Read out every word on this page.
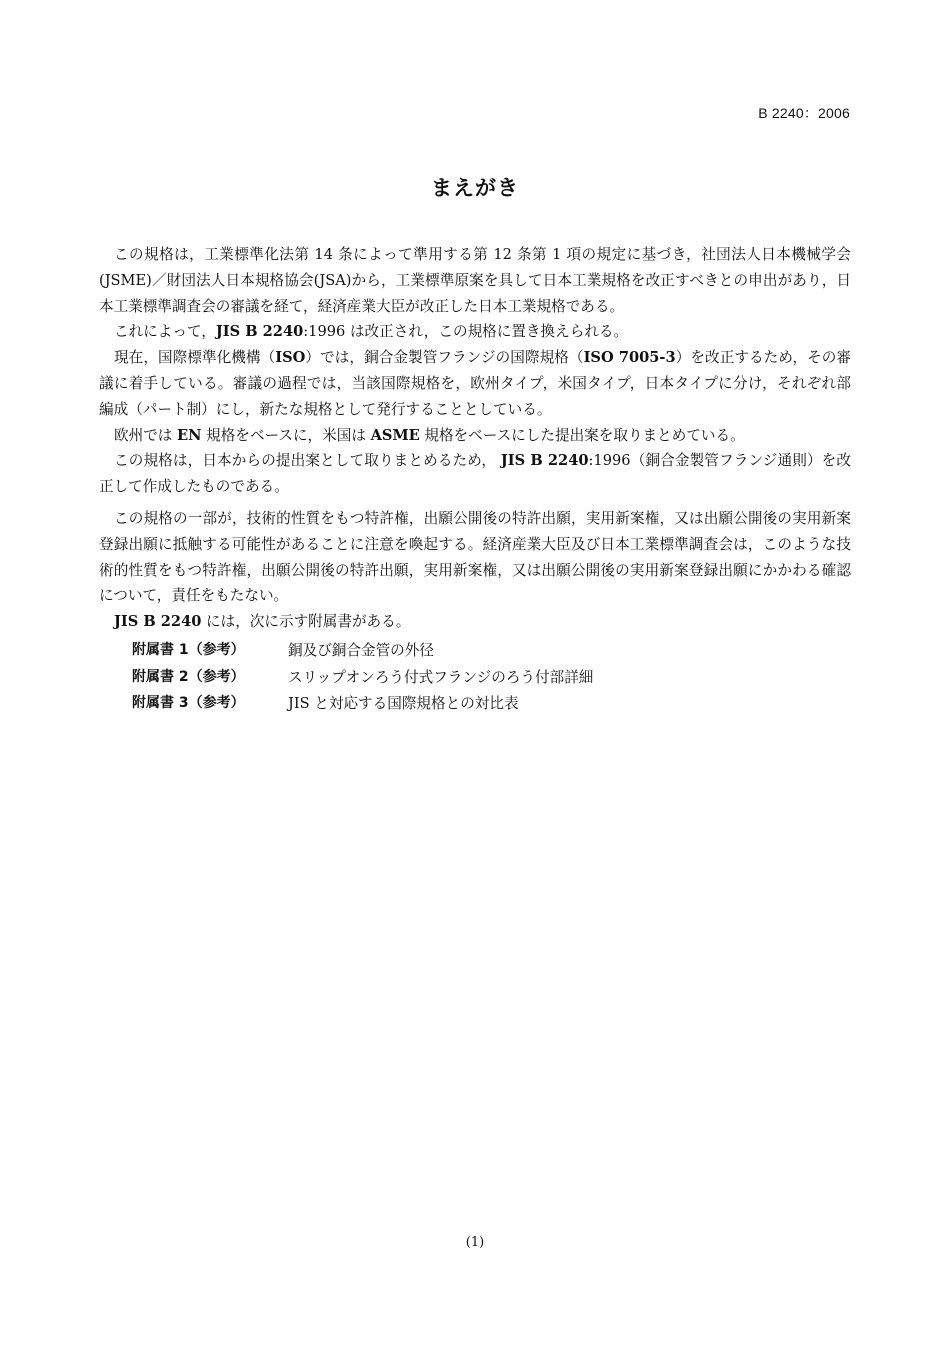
B 2240：2006
まえがき

この規格は，工業標準化法第 14 条によって準用する第 12 条第 1 項の規定に基づき，社団法人日本機械学会(JSME)／財団法人日本規格協会(JSA)から，工業標準原案を具して日本工業規格を改正すべきとの申出があり，日本工業標準調査会の審議を経て，経済産業大臣が改正した日本工業規格である。

これによって，JIS B 2240:1996 は改正され，この規格に置き換えられる。

現在，国際標準化機構（ISO）では，銅合金製管フランジの国際規格（ISO 7005-3）を改正するため，その審議に着手している。審議の過程では，当該国際規格を，欧州タイプ，米国タイプ，日本タイプに分け，それぞれ部編成（パート制）にし，新たな規格として発行することとしている。

欧州では EN 規格をベースに，米国は ASME 規格をベースにした提出案を取りまとめている。

この規格は，日本からの提出案として取りまとめるため， JIS B 2240:1996（銅合金製管フランジ通則）を改正して作成したものである。

この規格の一部が，技術的性質をもつ特許権，出願公開後の特許出願，実用新案権，又は出願公開後の実用新案登録出願に抵触する可能性があることに注意を喚起する。経済産業大臣及び日本工業標準調査会は，このような技術的性質をもつ特許権，出願公開後の特許出願，実用新案権，又は出願公開後の実用新案登録出願にかかわる確認について，責任をもたない。

JIS B 2240 には，次に示す附属書がある。

附属書 1（参考）	銅及び銅合金管の外径
附属書 2（参考）	スリップオンろう付式フランジのろう付部詳細
附属書 3（参考）	JIS と対応する国際規格との対比表
(1)
